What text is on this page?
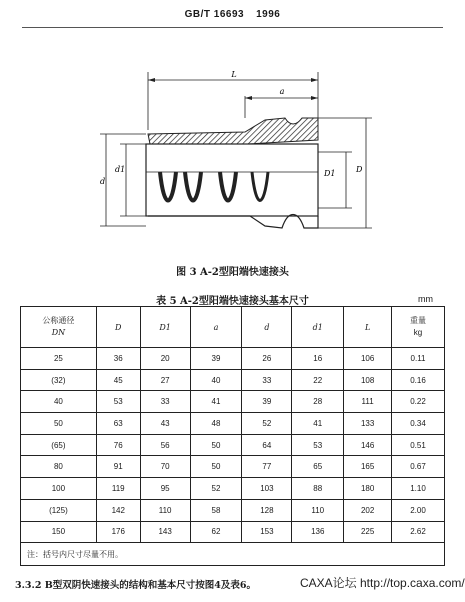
GB/T 16693 1996
L
a
d
d1	D1	D
图 3 A-2型阳端快速接头
表 5 A-2型阳端快速接头基本尺寸	mm
公称通径
DN	D	D1	a	d	d1	L	重量
kg
25	36	20	39	26	16	106	0.11
(32)	45	27	40	33	22	108	0.16
40	53	33	41	39	28	111	0.22
50	63	43	48	52	41	133	0.34
(65)	76	56	50	64	53	146	0.51
80	91	70	50	77	65	165	0.67
100	119	95	52	103	88	180	1.10
(125)	142	110	58	128	110	202	2.00
150	176	143	62	153	136	225	2.62
注：括号内尺寸尽量不用。							
3.3.2 B型双阴快速接头的结构和基本尺寸按图4及表6。	CAXA论坛 http://top.caxa.com/
